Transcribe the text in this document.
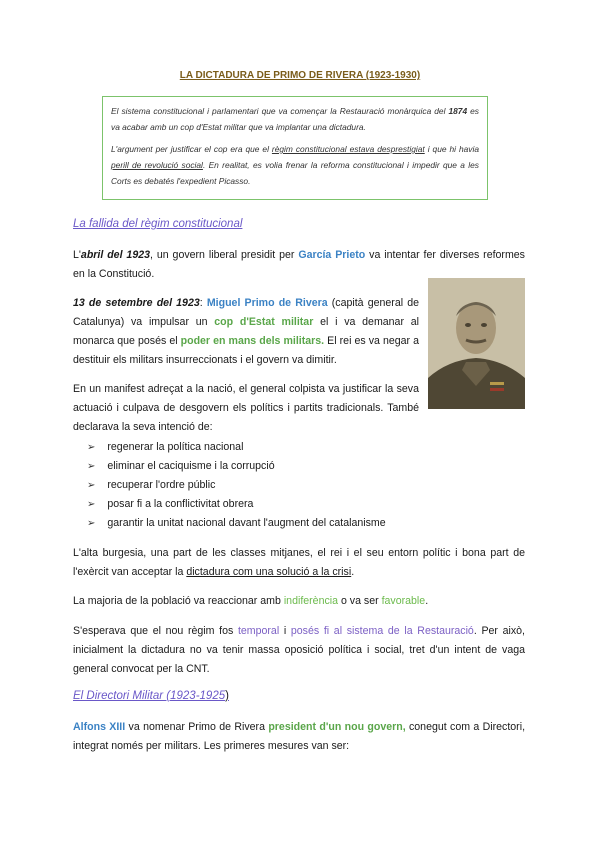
LA DICTADURA DE PRIMO DE RIVERA (1923-1930)

El sistema constitucional i parlamentari que va començar la Restauració monàrquica del 1874 es va acabar amb un cop d'Estat militar que va implantar una dictadura.

L'argument per justificar el cop era que el règim constitucional estava desprestigiat i que hi havia perill de revolució social. En realitat, es volia frenar la reforma constitucional i impedir que a les Corts es debatés l'expedient Picasso.

La fallida del règim constitucional

L'abril del 1923, un govern liberal presidit per García Prieto va intentar fer diverses reformes en la Constitució.

13 de setembre del 1923: Miguel Primo de Rivera (capità general de Catalunya) va impulsar un cop d'Estat militar el i va demanar al monarca que posés el poder en mans dels militars. El rei es va negar a destituir els militars insurreccionats i el govern va dimitir.

En un manifest adreçat a la nació, el general colpista va justificar la seva actuació i culpava de desgovern els polítics i partits tradicionals. També declarava la seva intenció de:

➢ regenerar la política nacional
➢ eliminar el caciquisme i la corrupció
➢ recuperar l'ordre públic
➢ posar fi a la conflictivitat obrera
➢ garantir la unitat nacional davant l'augment del catalanisme

L'alta burgesia, una part de les classes mitjanes, el rei i el seu entorn polític i bona part de l'exèrcit van acceptar la dictadura com una solució a la crisi.

La majoria de la població va reaccionar amb indiferència o va ser favorable.

S'esperava que el nou règim fos temporal i posés fi al sistema de la Restauració. Per això, inicialment la dictadura no va tenir massa oposició política i social, tret d'un intent de vaga general convocat per la CNT.

El Directori Militar (1923-1925)

Alfons XIII va nomenar Primo de Rivera president d'un nou govern, conegut com a Directori, integrat només per militars. Les primeres mesures van ser:
